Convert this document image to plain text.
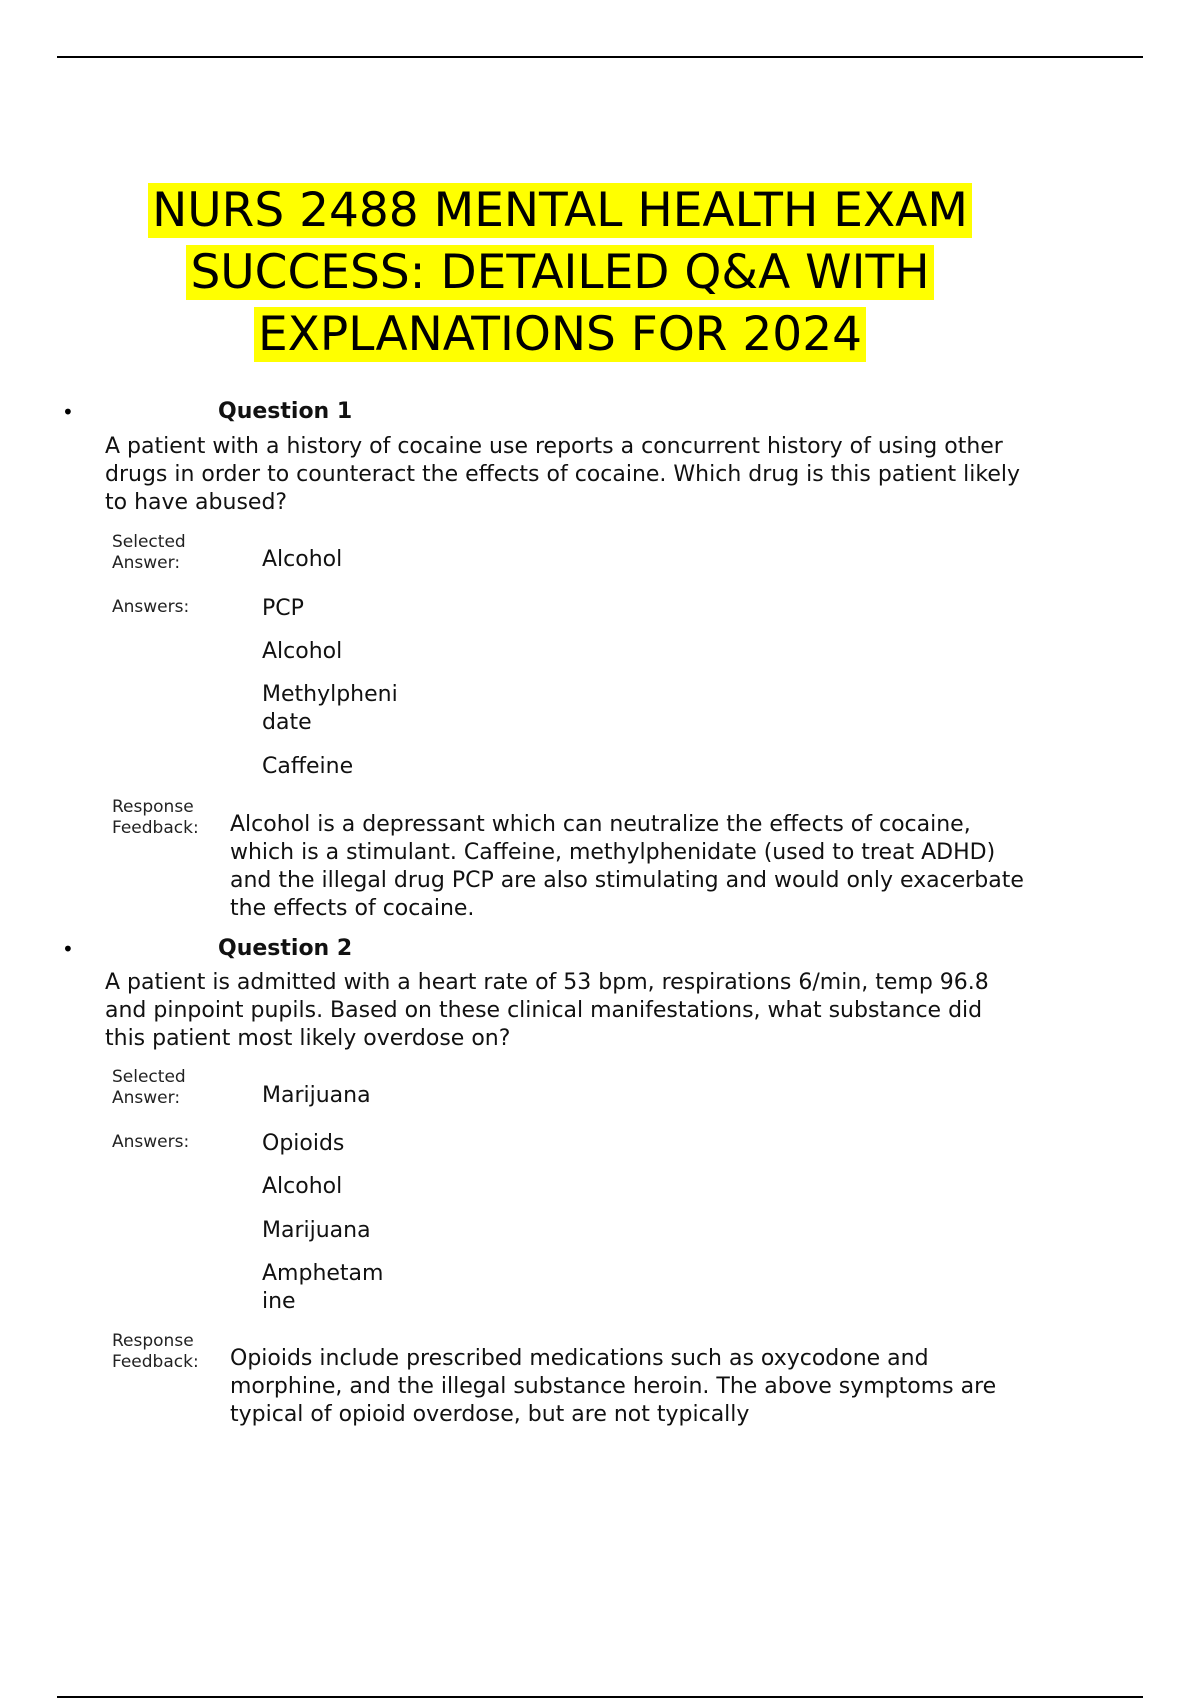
NURS 2488 MENTAL HEALTH EXAM
SUCCESS: DETAILED Q&A WITH
EXPLANATIONS FOR 2024
•	Question 1
A patient with a history of cocaine use reports a concurrent history of using other drugs in order to counteract the effects of cocaine. Which drug is this patient likely to have abused?
Selected
Answer:	Alcohol
Answers:	PCP
Alcohol
Methylpheni date
Caffeine
Response
Feedback: Alcohol is a depressant which can neutralize the effects of cocaine, which is a stimulant. Caffeine, methylphenidate (used to treat ADHD) and the illegal drug PCP are also stimulating and would only exacerbate the effects of cocaine.
•	Question 2
A patient is admitted with a heart rate of 53 bpm, respirations 6/min, temp 96.8 and pinpoint pupils. Based on these clinical manifestations, what substance did this patient most likely overdose on?
Selected
Answer:	Marijuana
Answers:	Opioids
Alcohol
Marijuana
Amphetam ine
Response
Feedback: Opioids include prescribed medications such as oxycodone and morphine, and the illegal substance heroin. The above symptoms are typical of opioid overdose, but are not typically
